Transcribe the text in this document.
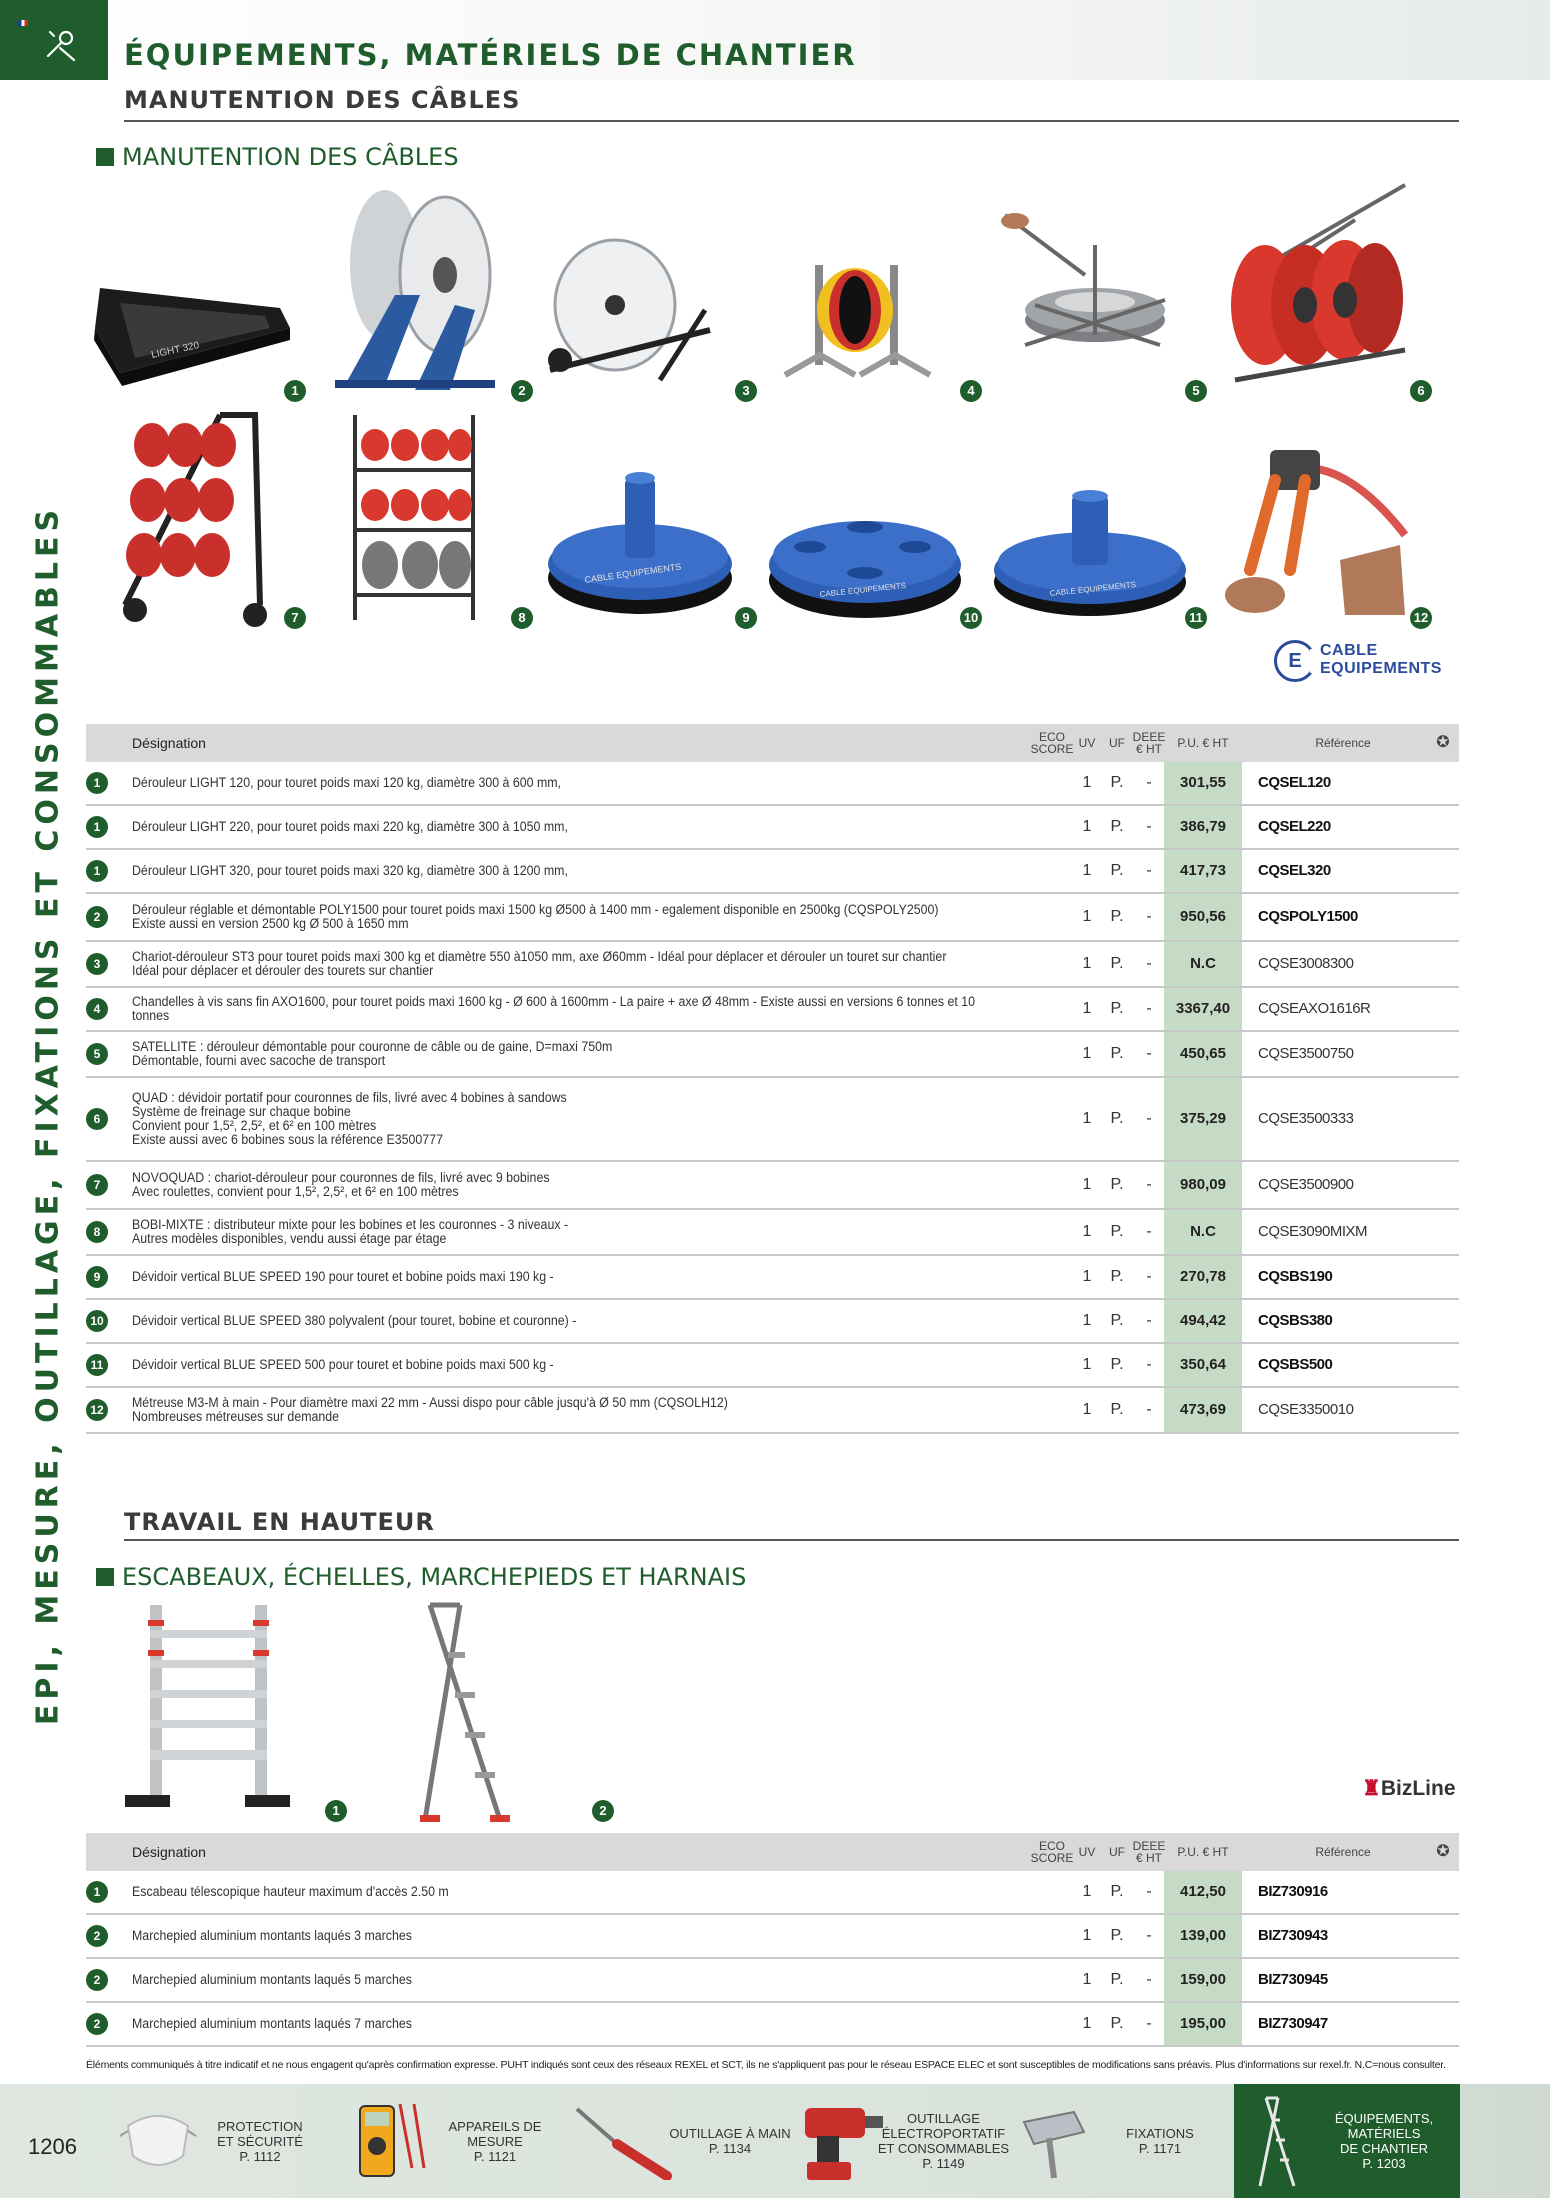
ÉQUIPEMENTS, MATÉRIELS DE CHANTIER
MANUTENTION DES CÂBLES
MANUTENTION DES CÂBLES
EPI, MESURE, OUTILLAGE, FIXATIONS ET CONSOMMABLES
LIGHT 320
1	2	3	4	5	6
7	8
CABLE EQUIPEMENTS
9
CABLE EQUIPEMENTS
10
CABLE EQUIPEMENTS
11	12
E	CABLE
EQUIPEMENTS
Désignation	ECO SCORE UV	UF DEEE € HT	P.U. € HT	Référence	✪
1	Dérouleur LIGHT 120, pour touret poids maxi 120 kg, diamètre 300 à 600 mm,	1	P.	-	301,55	CQSEL120
1	Dérouleur LIGHT 220, pour touret poids maxi 220 kg, diamètre 300 à 1050 mm,	1	P.	-	386,79	CQSEL220
1	Dérouleur LIGHT 320, pour touret poids maxi 320 kg, diamètre 300 à 1200 mm,	1	P.	-	417,73	CQSEL320
2	Dérouleur réglable et démontable POLY1500 pour touret poids maxi 1500 kg Ø500 à 1400 mm - egalement disponible en 2500kg (CQSPOLY2500)
Existe aussi en version 2500 kg Ø 500 à 1650 mm	1	P.	-	950,56	CQSPOLY1500
3	Chariot-dérouleur ST3 pour touret poids maxi 300 kg et diamètre 550 à1050 mm, axe Ø60mm - Idéal pour déplacer et dérouler un touret sur chantier
Idéal pour déplacer et dérouler des tourets sur chantier	1	P.	-	N.C	CQSE3008300
4	Chandelles à vis sans fin AXO1600, pour touret poids maxi 1600 kg - Ø 600 à 1600mm - La paire + axe Ø 48mm - Existe aussi en versions 6 tonnes et 10 tonnes	1	P.	-	3367,40	CQSEAXO1616R
5	SATELLITE : dérouleur démontable pour couronne de câble ou de gaine, D=maxi 750m
Démontable, fourni avec sacoche de transport	1	P.	-	450,65	CQSE3500750
6
QUAD : dévidoir portatif pour couronnes de fils, livré avec 4 bobines à sandows
Système de freinage sur chaque bobine
Convient pour 1,5², 2,5², et 6² en 100 mètres
Existe aussi avec 6 bobines sous la référence E3500777
1	P.	-	375,29	CQSE3500333
7	NOVOQUAD : chariot-dérouleur pour couronnes de fils, livré avec 9 bobines
Avec roulettes, convient pour 1,5², 2,5², et 6² en 100 mètres	1	P.	-	980,09	CQSE3500900
8	BOBI-MIXTE : distributeur mixte pour les bobines et les couronnes - 3 niveaux -
Autres modèles disponibles, vendu aussi étage par étage	1	P.	-	N.C	CQSE3090MIXM
9	Dévidoir vertical BLUE SPEED 190 pour touret et bobine poids maxi 190 kg -	1	P.	-	270,78	CQSBS190
10	Dévidoir vertical BLUE SPEED 380 polyvalent (pour touret, bobine et couronne) -	1	P.	-	494,42	CQSBS380
11	Dévidoir vertical BLUE SPEED 500 pour touret et bobine poids maxi 500 kg -	1	P.	-	350,64	CQSBS500
12	Métreuse M3-M à main - Pour diamètre maxi 22 mm - Aussi dispo pour câble jusqu'à Ø 50 mm (CQSOLH12)
Nombreuses métreuses sur demande	1	P.	-	473,69	CQSE3350010
TRAVAIL EN HAUTEUR
ESCABEAUX, ÉCHELLES, MARCHEPIEDS ET HARNAIS
1	2
♜BizLine
Désignation	ECO SCORE UV	UF DEEE € HT	P.U. € HT	Référence	✪
1	Escabeau télescopique hauteur maximum d'accès 2.50 m	1	P.	-	412,50	BIZ730916
2	Marchepied aluminium montants laqués 3 marches	1	P.	-	139,00	BIZ730943
2	Marchepied aluminium montants laqués 5 marches	1	P.	-	159,00	BIZ730945
2	Marchepied aluminium montants laqués 7 marches	1	P.	-	195,00	BIZ730947
Éléments communiqués à titre indicatif et ne nous engagent qu'après confirmation expresse. PUHT indiqués sont ceux des réseaux REXEL et SCT, ils ne s'appliquent pas pour le réseau ESPACE ELEC et sont susceptibles de modifications sans préavis. Plus d'informations sur rexel.fr. N.C=nous consulter.
1206
PROTECTION
ET SÉCURITÉ
P. 1112
APPAREILS DE MESURE
P. 1121
OUTILLAGE À MAIN
P. 1134
OUTILLAGE
ÉLECTROPORTATIF
ET CONSOMMABLES
P. 1149
FIXATIONS
P. 1171
ÉQUIPEMENTS, MATÉRIELS
DE CHANTIER
P. 1203
